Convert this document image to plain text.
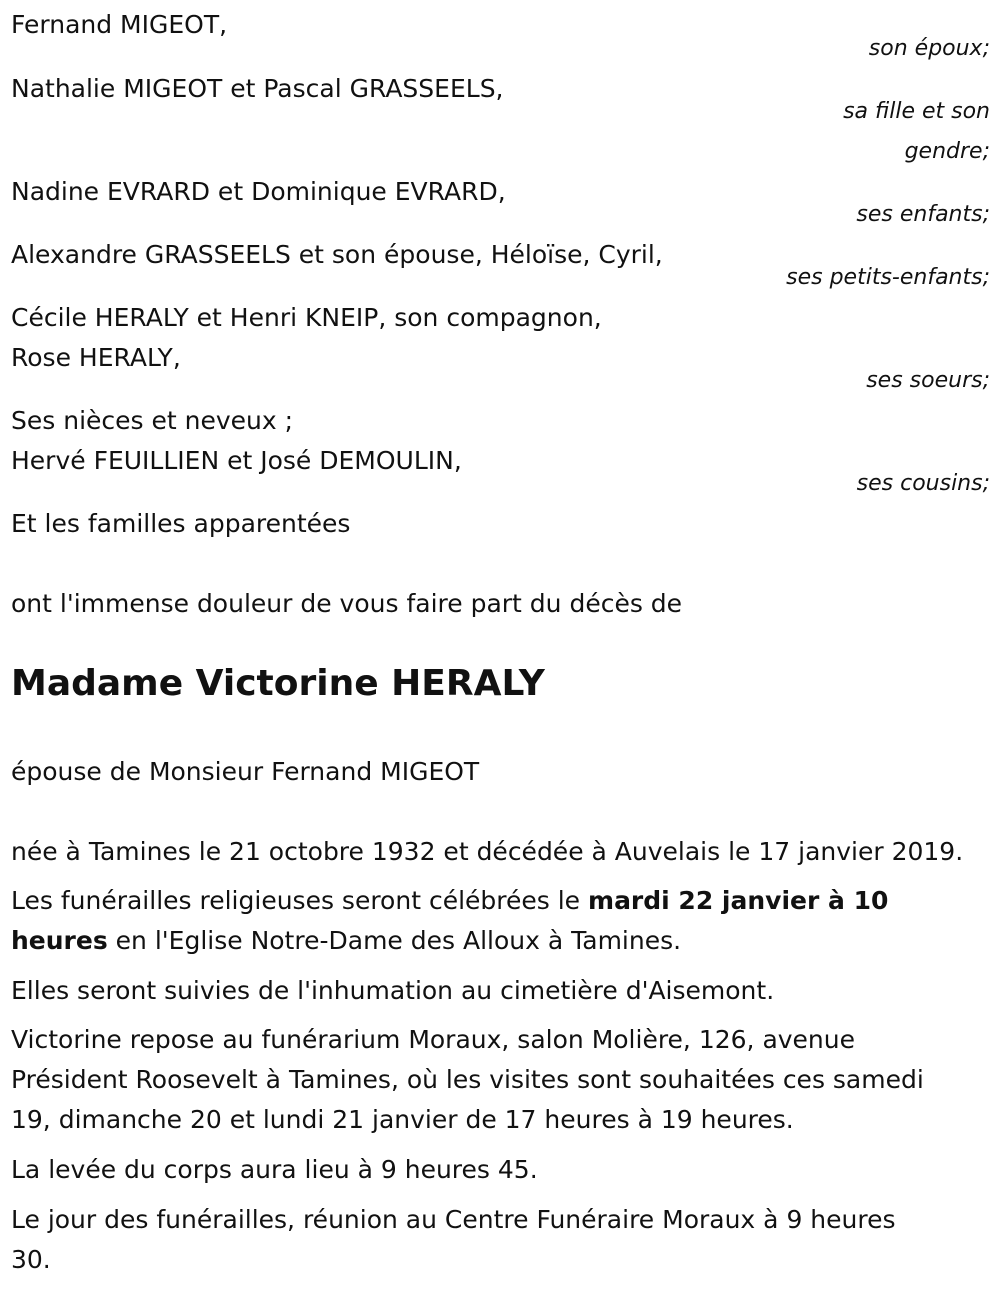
Fernand MIGEOT,

son époux;

Nathalie MIGEOT et Pascal GRASSEELS,

sa fille et son

gendre;

Nadine EVRARD et Dominique EVRARD,

ses enfants;

Alexandre GRASSEELS et son épouse, Héloïse, Cyril,

ses petits-enfants;

Cécile HERALY et Henri KNEIP, son compagnon,

Rose HERALY,

ses soeurs;

Ses nièces et neveux ;

Hervé FEUILLIEN et José DEMOULIN,

ses cousins;

Et les familles apparentées

ont l'immense douleur de vous faire part du décès de

Madame Victorine HERALY

épouse de Monsieur Fernand MIGEOT

née à Tamines le 21 octobre 1932 et décédée à Auvelais le 17 janvier 2019.

Les funérailles religieuses seront célébrées le mardi 22 janvier à 10
heures en l'Eglise Notre-Dame des Alloux à Tamines.

Elles seront suivies de l'inhumation au cimetière d'Aisemont.

Victorine repose au funérarium Moraux, salon Molière, 126, avenue

Président Roosevelt à Tamines, où les visites sont souhaitées ces samedi

19, dimanche 20 et lundi 21 janvier de 17 heures à 19 heures.

La levée du corps aura lieu à 9 heures 45.

Le jour des funérailles, réunion au Centre Funéraire Moraux à 9 heures

30.
